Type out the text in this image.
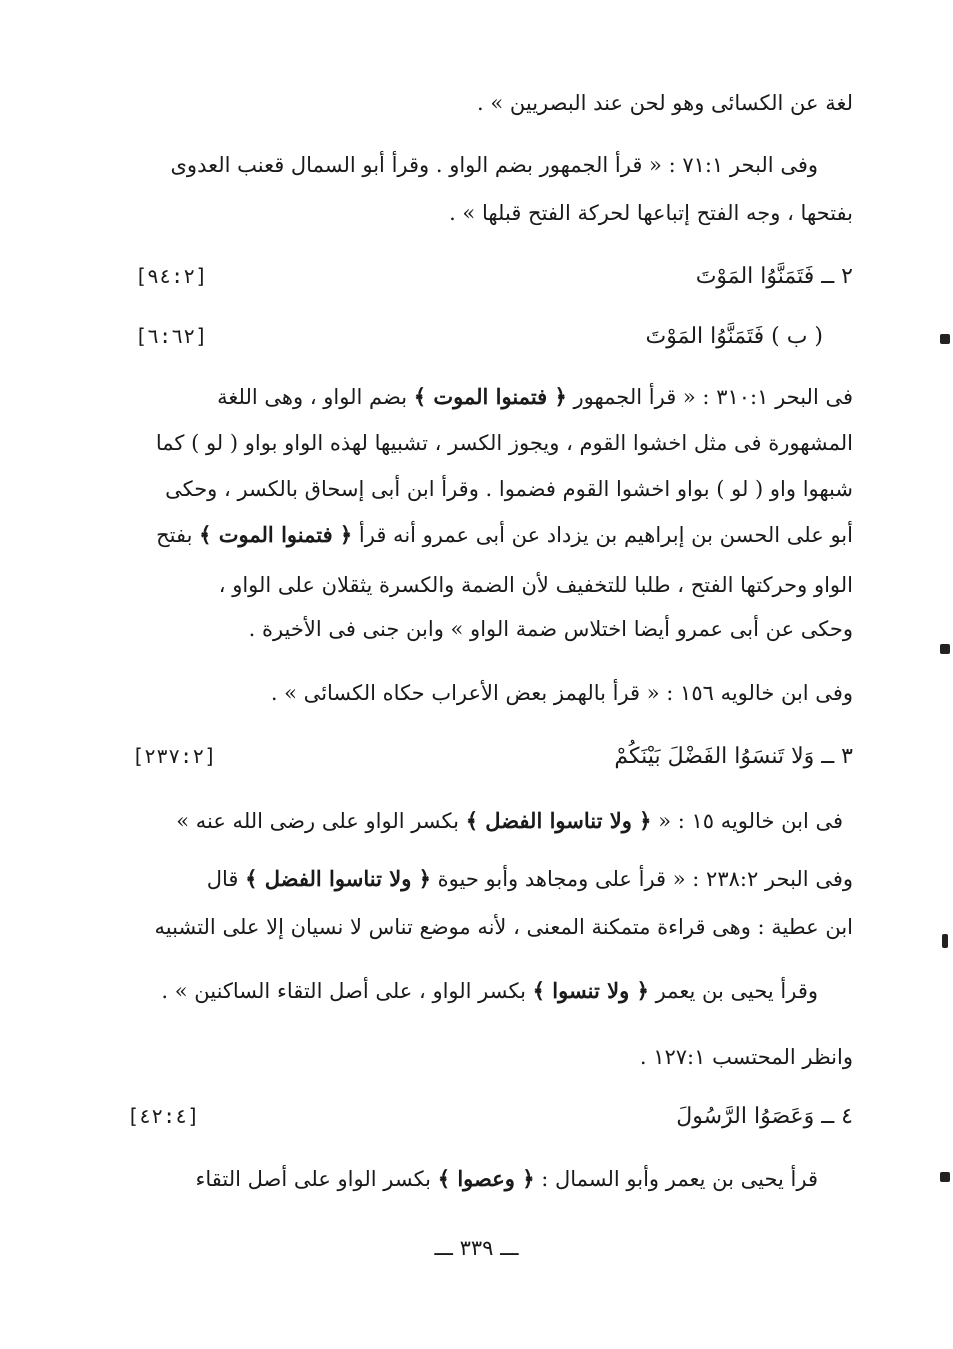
لغة عن الكسائى وهو لحن عند البصريين » .
وفى البحر ٧١:١ : « قرأ الجمهور بضم الواو . وقرأ أبو السمال قعنب العدوى
بفتحها ، وجه الفتح إتباعها لحركة الفتح قبلها » .
٢ ــ فَتَمَنَّوُا المَوْتَ
[٩٤:٢]
( ب ) فَتَمَنَّوُا المَوْتَ
[٦:٦٢]
فى البحر ٣١٠:١ : « قرأ الجمهور ﴿ فتمنوا الموت ﴾ بضم الواو ، وهى اللغة
المشهورة فى مثل اخشوا القوم ، ويجوز الكسر ، تشبيها لهذه الواو بواو ( لو ) كما
شبهوا واو ( لو ) بواو اخشوا القوم فضموا . وقرأ ابن أبى إسحاق بالكسر ، وحكى
أبو على الحسن بن إبراهيم بن يزداد عن أبى عمرو أنه قرأ ﴿ فتمنوا الموت ﴾ بفتح
الواو وحركتها الفتح ، طلبا للتخفيف لأن الضمة والكسرة يثقلان على الواو ،
وحكى عن أبى عمرو أيضا اختلاس ضمة الواو » وابن جنى فى الأخيرة .
وفى ابن خالويه ١٥٦ : « قرأ بالهمز بعض الأعراب حكاه الكسائى » .
٣ ــ وَلا تَنسَوُا الفَضْلَ بَيْنَكُمْ
[٢٣٧:٢]
فى ابن خالويه ١٥ : « ﴿ ولا تناسوا الفضل ﴾ بكسر الواو على رضى الله عنه »
وفى البحر ٢٣٨:٢ : « قرأ على ومجاهد وأبو حيوة ﴿ ولا تناسوا الفضل ﴾ قال
ابن عطية : وهى قراءة متمكنة المعنى ، لأنه موضع تناس لا نسيان إلا على التشبيه
وقرأ يحيى بن يعمر ﴿ ولا تنسوا ﴾ بكسر الواو ، على أصل التقاء الساكنين » .
وانظر المحتسب ١٢٧:١ .
٤ ــ وَعَصَوُا الرَّسُولَ
[٤٢:٤]
قرأ يحيى بن يعمر وأبو السمال : ﴿ وعصوا ﴾ بكسر الواو على أصل التقاء
ـــ ٣٣٩ ـــ
